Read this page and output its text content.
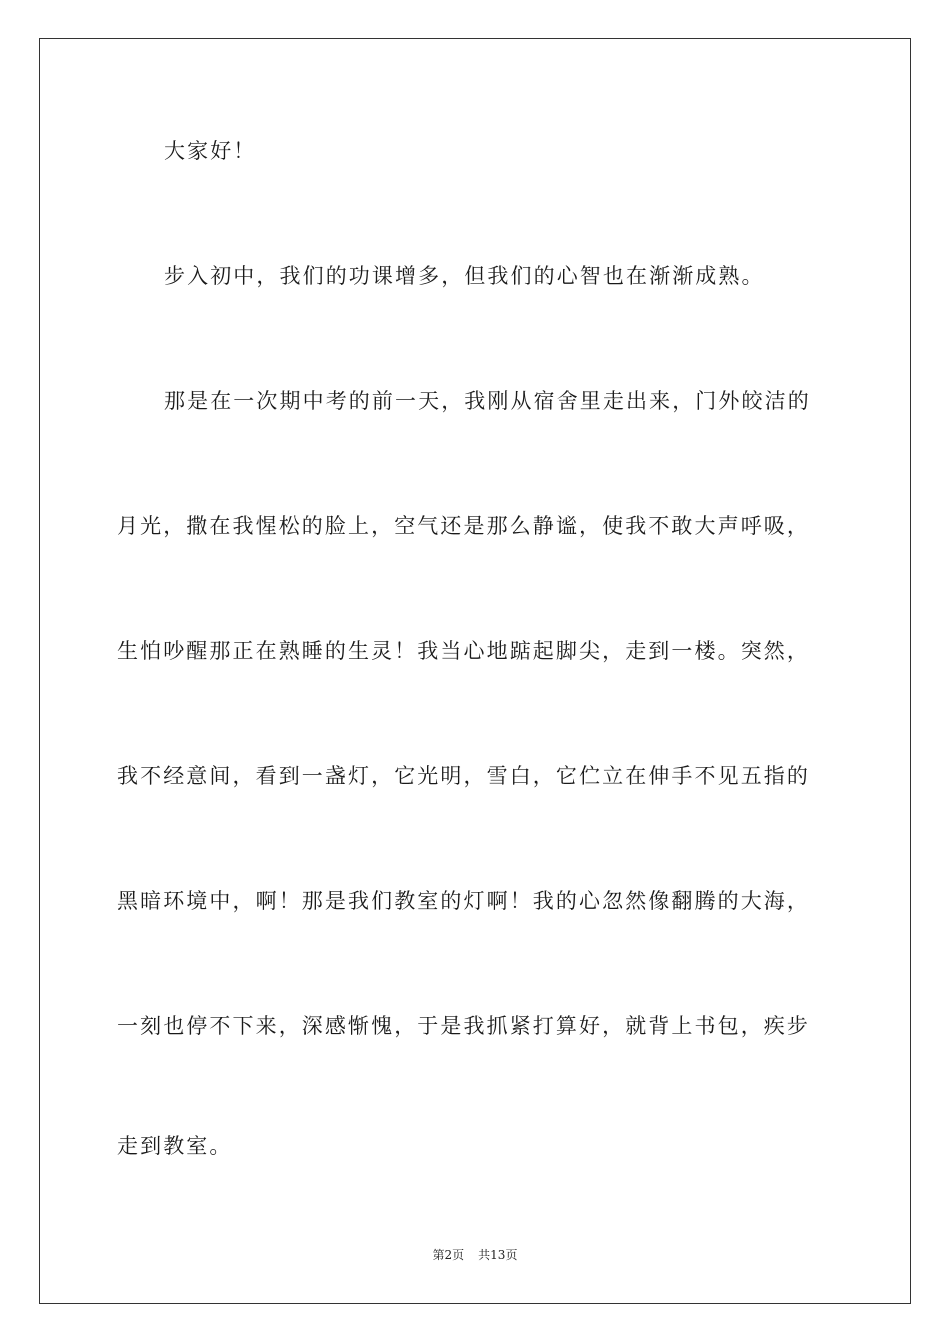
大家好！
步入初中，我们的功课增多，但我们的心智也在渐渐成熟。
那是在一次期中考的前一天，我刚从宿舍里走出来，门外皎洁的
月光，撒在我惺松的脸上，空气还是那么静谧，使我不敢大声呼吸，
生怕吵醒那正在熟睡的生灵！我当心地踮起脚尖，走到一楼。突然，
我不经意间，看到一盏灯，它光明，雪白，它伫立在伸手不见五指的
黑暗环境中，啊！那是我们教室的灯啊！我的心忽然像翻腾的大海，
一刻也停不下来，深感惭愧，于是我抓紧打算好，就背上书包，疾步
走到教室。
第2页 共13页
